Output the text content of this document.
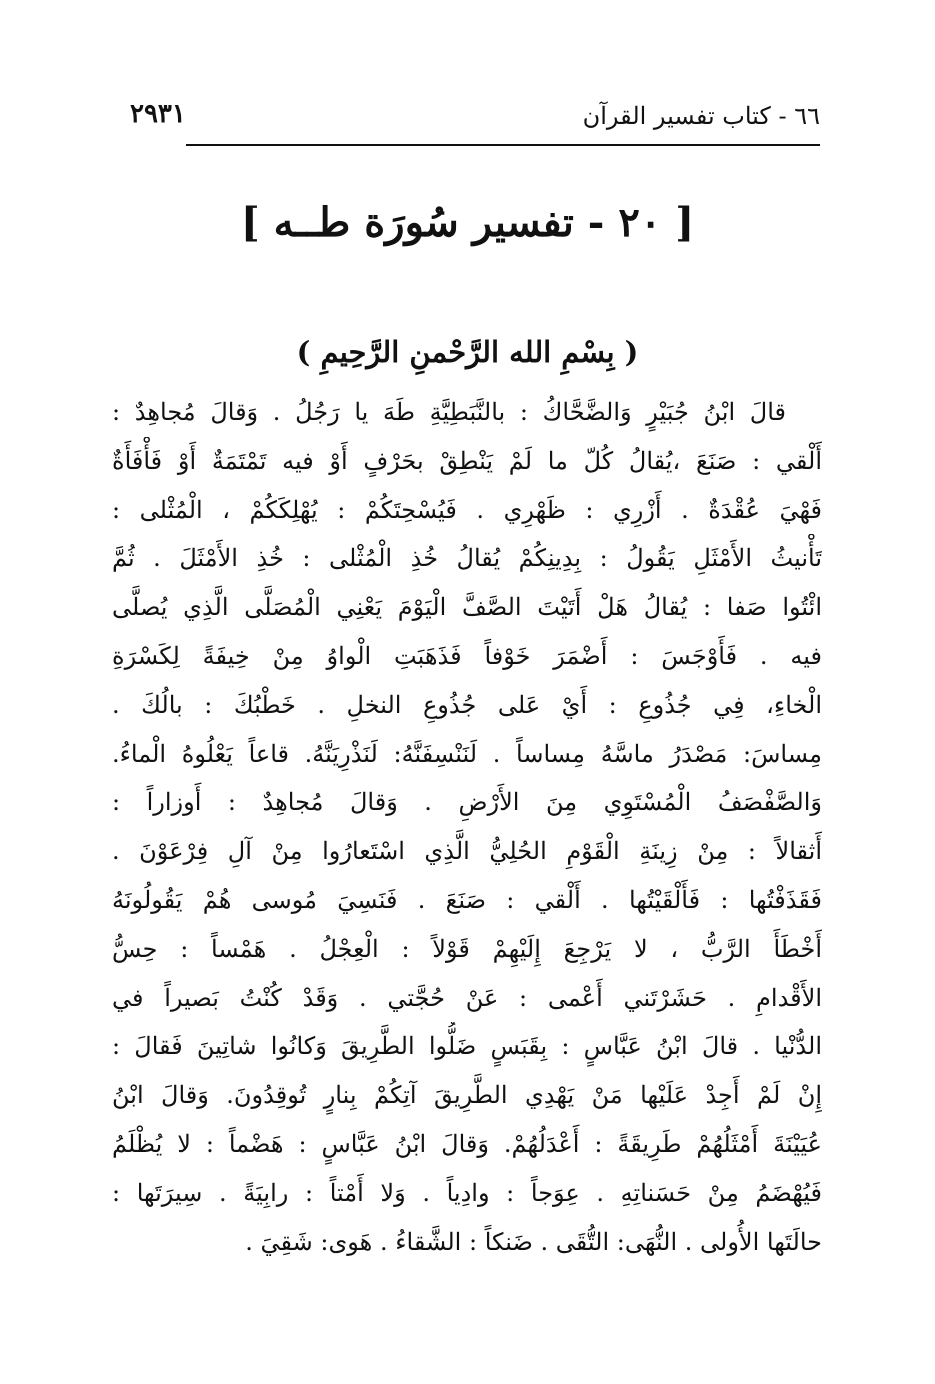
٦٦ - كتاب تفسير القرآن
٢٩٣١
[ ٢٠ - تفسير سُورَة طــه ]
( بِسْمِ الله الرَّحْمنِ الرَّحِيمِ )
قالَ ابْنُ جُبَيْرٍ وَالضَّحَّاكُ : بالنَّبَطِيَّةِ طَهَ يا رَجُلُ . وَقالَ مُجاهِدٌ :
أَلْقي : صَنَعَ ،يُقالُ كُلّ ما لَمْ يَنْطِقْ بحَرْفٍ أَوْ فيه تَمْتَمَةٌ أَوْ فَأْفَأَةٌ
فَهْيَ عُقْدَةٌ . أَزْرِي : ظَهْرِي . فَيُسْحِتَكُمْ : يُهْلِكَكُمْ ، الْمُثْلى :
تَأْنيثُ الأَمْثَلِ يَقُولُ : بِدِينِكُمْ يُقالُ خُذِ الْمُثْلى : خُذِ الأَمْثَلَ . ثُمَّ
ائْتُوا صَفا : يُقالُ هَلْ أَتَيْتَ الصَّفَّ الْيَوْمَ يَعْنِي الْمُصَلَّى الَّذِي يُصلَّى
فيه . فَأَوْجَسَ : أَضْمَرَ خَوْفاً فَذَهَبَتِ الْواوُ مِنْ خِيفَةً لِكَسْرَةِ
الْخاءِ، فِي جُذُوعِ : أَيْ عَلى جُذُوعِ النخلِ . خَطْبُكَ : بالُكَ .
مِساسَ: مَصْدَرُ ماسَّهُ مِساساً . لَنَنْسِفَنَّهُ: لَنَذْرِيَنَّهُ. قاعاً يَعْلُوهُ الْماءُ.
وَالصَّفْصَفُ الْمُسْتَوِي مِنَ الأَرْضِ . وَقالَ مُجاهِدٌ : أَوزاراً :
أَثقالاً : مِنْ زِينَةِ الْقَوْمِ الحُلِيُّ الَّذِي اسْتَعارُوا مِنْ آلِ فِرْعَوْنَ .
فَقَذَفْتُها : فَأَلْقَيْتُها . أَلْقي : صَنَعَ . فَنَسِيَ مُوسى هُمْ يَقُولُونَهُ
أَخْطَأَ الرَّبُّ ، لا يَرْجِعَ إِلَيْهِمْ قَوْلاً : الْعِجْلُ . هَمْساً : حِسُّ
الأَقْدامِ . حَشَرْتَني أَعْمى : عَنْ حُجَّتي . وَقَدْ كُنْتُ بَصيراً في
الدُّنْيا . قالَ ابْنُ عَبَّاسٍ : بِقَبَسٍ ضَلُّوا الطَّرِيقَ وَكانُوا شاتِينَ فَقالَ :
إِنْ لَمْ أَجِدْ عَلَيْها مَنْ يَهْدِي الطَّرِيقَ آتِكُمْ بِنارٍ تُوقِدُونَ. وَقالَ ابْنُ
عُيَيْنَةَ أَمْثَلُهُمْ طَرِيقَةً : أَعْدَلُهُمْ. وَقالَ ابْنُ عَبَّاسٍ : هَضْماً : لا يُظْلَمُ
فَيُهْضَمُ مِنْ حَسَناتِهِ . عِوَجاً : وادِياً . وَلا أَمْتاً : رابِيَةً . سِيرَتَها :
حالَتَها الأُولى . النُّهَى: التُّقَى . ضَنكاً : الشَّقاءُ . هَوى: شَقِيَ .
